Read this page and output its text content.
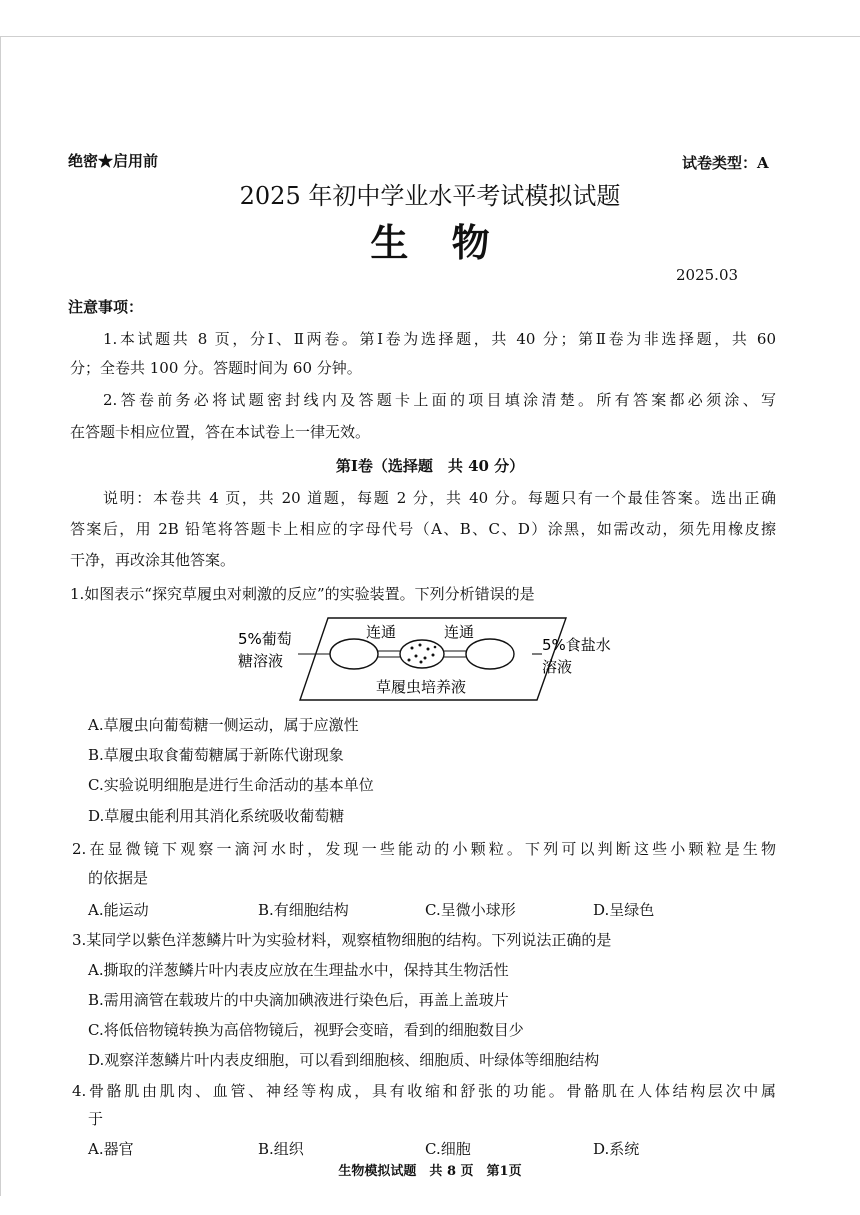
绝密★启用前	试卷类型：A
2025 年初中学业水平考试模拟试题
生 物
2025.03
注意事项：
1.本试题共 8 页，分Ⅰ、Ⅱ两卷。第Ⅰ卷为选择题，共 40 分；第Ⅱ卷为非选择题，共 60
分；全卷共 100 分。答题时间为 60 分钟。
2.答卷前务必将试题密封线内及答题卡上面的项目填涂清楚。所有答案都必须涂、写
在答题卡相应位置，答在本试卷上一律无效。
第Ⅰ卷（选择题　共 40 分）
说明：本卷共 4 页，共 20 道题，每题 2 分，共 40 分。每题只有一个最佳答案。选出正确
答案后，用 2B 铅笔将答题卡上相应的字母代号（A、B、C、D）涂黑，如需改动，须先用橡皮擦
干净，再改涂其他答案。
1.如图表示“探究草履虫对刺激的反应”的实验装置。下列分析错误的是
5%葡萄
糖溶液
连通	连通
5%食盐水
溶液
草履虫培养液
A.草履虫向葡萄糖一侧运动，属于应激性
B.草履虫取食葡萄糖属于新陈代谢现象
C.实验说明细胞是进行生命活动的基本单位
D.草履虫能利用其消化系统吸收葡萄糖
2.在显微镜下观察一滴河水时，发现一些能动的小颗粒。下列可以判断这些小颗粒是生物
的依据是
A.能运动	B.有细胞结构	C.呈微小球形	D.呈绿色
3.某同学以紫色洋葱鳞片叶为实验材料，观察植物细胞的结构。下列说法正确的是
A.撕取的洋葱鳞片叶内表皮应放在生理盐水中，保持其生物活性
B.需用滴管在载玻片的中央滴加碘液进行染色后，再盖上盖玻片
C.将低倍物镜转换为高倍物镜后，视野会变暗，看到的细胞数目少
D.观察洋葱鳞片叶内表皮细胞，可以看到细胞核、细胞质、叶绿体等细胞结构
4.骨骼肌由肌肉、血管、神经等构成，具有收缩和舒张的功能。骨骼肌在人体结构层次中属
于
A.器官	B.组织	C.细胞	D.系统
生物模拟试题　共 8 页　第1页
